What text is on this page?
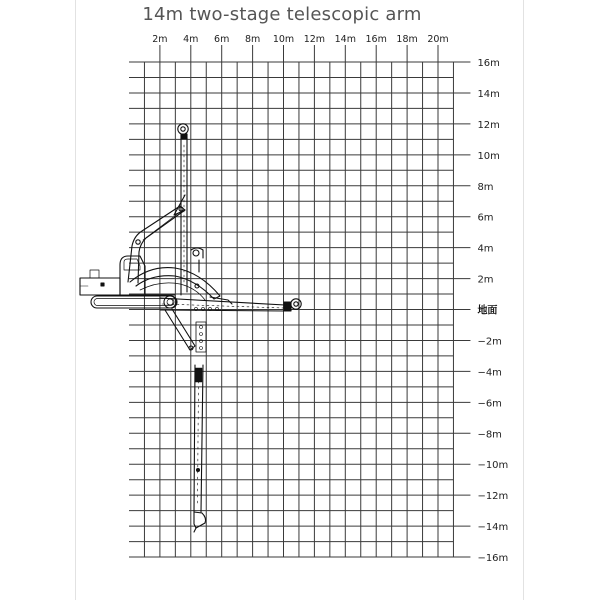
14m two-stage telescopic arm
2m 4m 6m 8m 10m 12m 14m 16m 18m 20m
16m
14m
12m
10m
8m
6m
4m
2m
地面
−2m
−4m
−6m
−8m
−10m
−12m
−14m
−16m
